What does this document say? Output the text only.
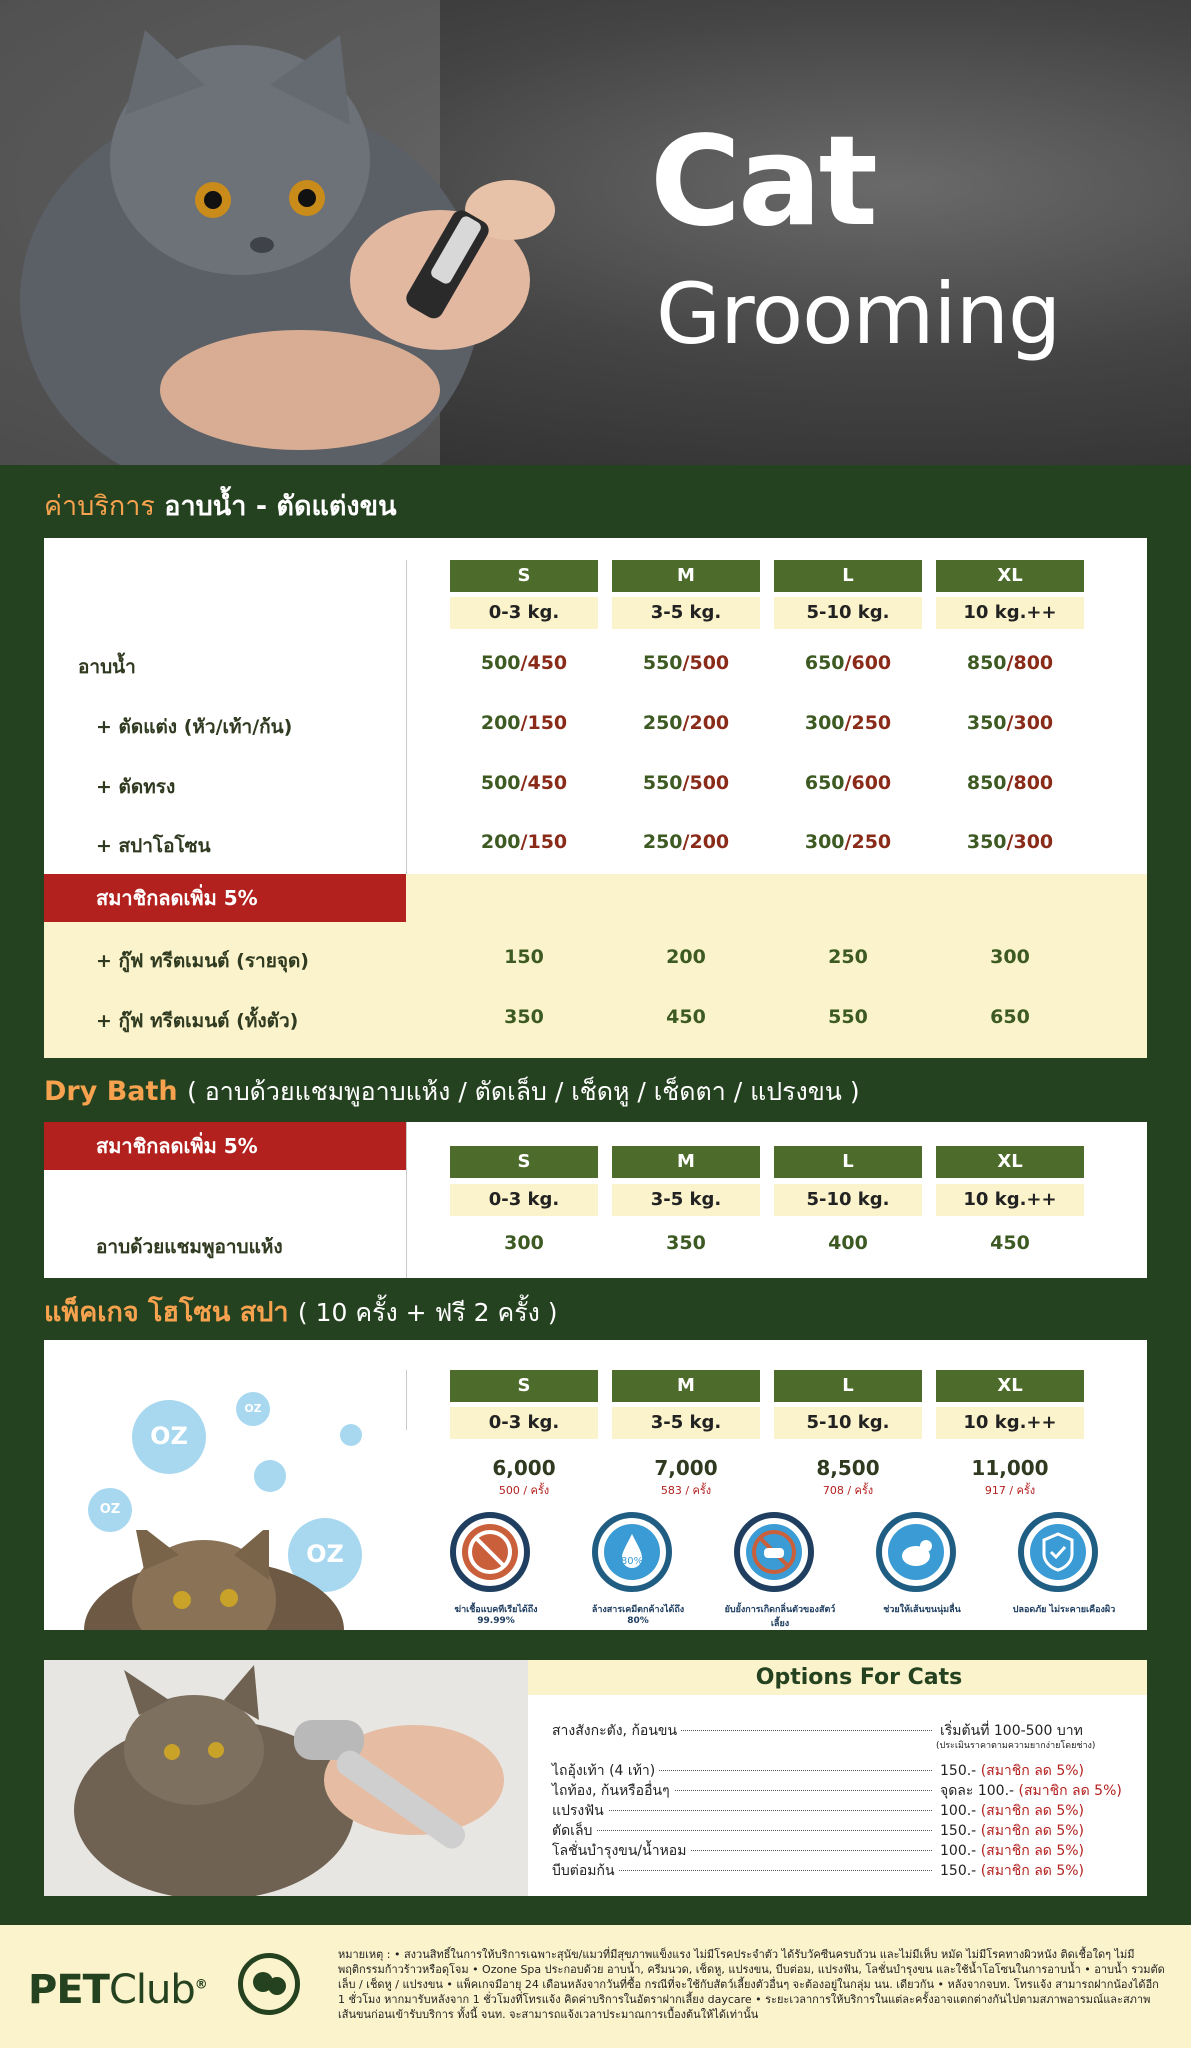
Cat
Grooming
ค่าบริการ อาบน้ำ - ตัดแต่งขน
S	M	L	XL
0-3 kg.	3-5 kg.	5-10 kg.	10 kg.++
อาบน้ำ	500/450	550/500	650/600	850/800
+ ตัดแต่ง (หัว/เท้า/ก้น)	200/150	250/200	300/250	350/300
+ ตัดทรง	500/450	550/500	650/600	850/800
+ สปาโอโซน	200/150	250/200	300/250	350/300
สมาชิกลดเพิ่ม 5%
+ กู๊ฟ ทรีตเมนต์ (รายจุด)	150	200	250	300
+ กู๊ฟ ทรีตเมนต์ (ทั้งตัว)	350	450	550	650
Dry Bath ( อาบด้วยแชมพูอาบแห้ง / ตัดเล็บ / เช็ดหู / เช็ดตา / แปรงขน )
สมาชิกลดเพิ่ม 5%
S	M	L	XL
0-3 kg.	3-5 kg.	5-10 kg.	10 kg.++
อาบด้วยแชมพูอาบแห้ง	300	350	400	450
แพ็คเกจ โฮโซน สปา ( 10 ครั้ง + ฟรี 2 ครั้ง )
OZ
OZ
OZ
OZ
S	M	L	XL
0-3 kg.	3-5 kg.	5-10 kg.	10 kg.++
6,000
500 / ครั้ง
7,000
583 / ครั้ง
8,500
708 / ครั้ง
11,000
917 / ครั้ง
ฆ่าเชื้อแบคทีเรียได้ถึง 99.99%
80%
ล้างสารเคมีตกค้างได้ถึง 80%
ยับยั้งการเกิดกลิ่นตัวของสัตว์เลี้ยง
ช่วยให้เส้นขนนุ่มลื่น	ปลอดภัย ไม่ระคายเคืองผิว
Options For Cats
สางสังกะตัง, ก้อนขน	เริ่มต้นที่ 100-500 บาท
(ประเมินราคาตามความยากง่ายโดยช่าง)
ไถอุ้งเท้า (4 เท้า)	150.- (สมาชิก ลด 5%)
ไถท้อง, ก้นหรืออื่นๆ	จุดละ 100.- (สมาชิก ลด 5%)
แปรงฟัน	100.- (สมาชิก ลด 5%)
ตัดเล็บ	150.- (สมาชิก ลด 5%)
โลชั่นบำรุงขน/น้ำหอม	100.- (สมาชิก ลด 5%)
บีบต่อมก้น	150.- (สมาชิก ลด 5%)
PETClub®
หมายเหตุ : • สงวนสิทธิ์ในการให้บริการเฉพาะสุนัข/แมวที่มีสุขภาพแข็งแรง ไม่มีโรคประจำตัว ได้รับวัคซีนครบถ้วน และไม่มีเห็บ หมัด ไม่มีโรคทางผิวหนัง ติดเชื้อใดๆ ไม่มีพฤติกรรมก้าวร้าวหรือดุโจม • Ozone Spa ประกอบด้วย อาบน้ำ, ครีมนวด, เช็ดหู, แปรงขน, บีบต่อม, แปรงฟัน, โลชั่นบำรุงขน และใช้น้ำโอโซนในการอาบน้ำ • อาบน้ำ รวมตัดเล็บ / เช็ดหู / แปรงขน • แพ็คเกจมีอายุ 24 เดือนหลังจากวันที่ซื้อ กรณีที่จะใช้กับสัตว์เลี้ยงตัวอื่นๆ จะต้องอยู่ในกลุ่ม นน. เดียวกัน • หลังจากจบท. โทรแจ้ง สามารถฝากน้องได้อีก 1 ชั่วโมง หากมารับหลังจาก 1 ชั่วโมงที่โทรแจ้ง คิดค่าบริการในอัตราฝากเลี้ยง daycare • ระยะเวลาการให้บริการในแต่ละครั้งอาจแตกต่างกันไปตามสภาพอารมณ์และสภาพเส้นขนก่อนเข้ารับบริการ ทั้งนี้ จนท. จะสามารถแจ้งเวลาประมาณการเบื้องต้นให้ได้เท่านั้น
